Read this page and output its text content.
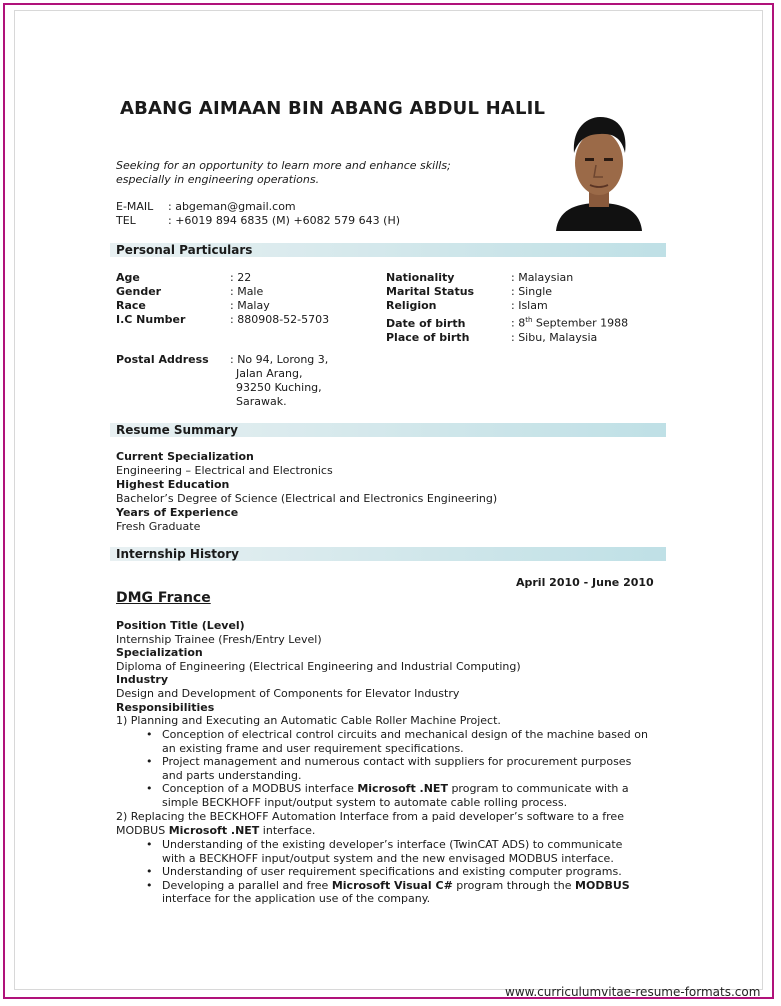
ABANG AIMAAN BIN ABANG ABDUL HALIL
Seeking for an opportunity to learn more and enhance skills;
especially in engineering operations.
E-MAIL : abgeman@gmail.com
TEL	: +6019 894 6835 (M) +6082 579 643 (H)
Personal Particulars
Age	: 22
Gender	: Male
Race	: Malay
I.C Number	: 880908-52-5703
Nationality	: Malaysian
Marital Status	: Single
Religion	: Islam
Date of birth	: 8th September 1988
Place of birth	: Sibu, Malaysia
Postal Address : No 94, Lorong 3,
Jalan Arang,
93250 Kuching,
Sarawak.
Resume Summary
Current Specialization
Engineering – Electrical and Electronics
Highest Education
Bachelor’s Degree of Science (Electrical and Electronics Engineering)
Years of Experience
Fresh Graduate
Internship History
April 2010 - June 2010
DMG France
Position Title (Level)
Internship Trainee (Fresh/Entry Level)
Specialization
Diploma of Engineering (Electrical Engineering and Industrial Computing)
Industry
Design and Development of Components for Elevator Industry
Responsibilities
1) Planning and Executing an Automatic Cable Roller Machine Project.
• Conception of electrical control circuits and mechanical design of the machine based on
an existing frame and user requirement specifications.
• Project management and numerous contact with suppliers for procurement purposes
and parts understanding.
• Conception of a MODBUS interface Microsoft .NET program to communicate with a
simple BECKHOFF input/output system to automate cable rolling process.
2) Replacing the BECKHOFF Automation Interface from a paid developer’s software to a free
MODBUS Microsoft .NET interface.
• Understanding of the existing developer’s interface (TwinCAT ADS) to communicate
with a BECKHOFF input/output system and the new envisaged MODBUS interface.
• Understanding of user requirement specifications and existing computer programs.
• Developing a parallel and free Microsoft Visual C# program through the MODBUS
interface for the application use of the company.
www.curriculumvitae-resume-formats.com
